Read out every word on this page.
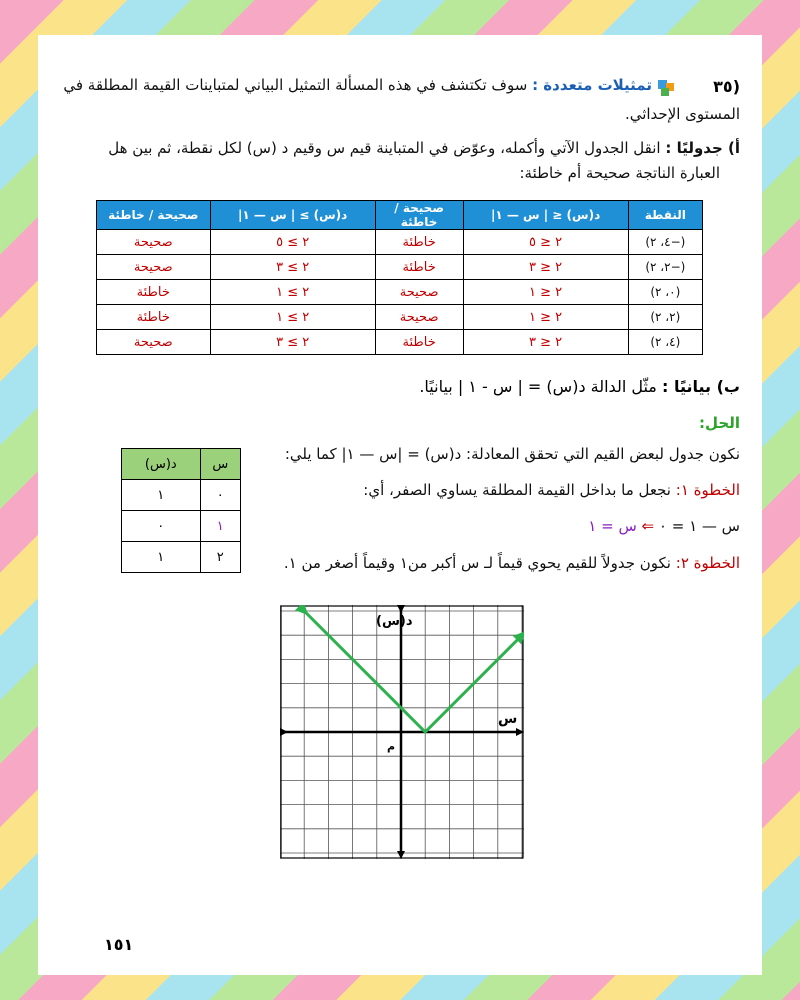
٣٥)
تمثيلات متعددة : سوف تكتشف في هذه المسألة التمثيل البياني لمتباينات القيمة المطلقة في
المستوى الإحداثي.
أ) جدوليًا : انقل الجدول الآتي وأكمله، وعوّض في المتباينة قيم س وقيم د (س) لكل نقطة، ثم بين هل
العبارة الناتجة صحيحة أم خاطئة:
النقطة	د(س) ≤ | س — ١|	صحيحة / خاطئة	د(س) ≥ | س — ١|	صحيحة / خاطئة
(−٤، ٢)	٢ ≤ ٥	خاطئة	٢ ≥ ٥	صحيحة
(−٢، ٢)	٢ ≤ ٣	خاطئة	٢ ≥ ٣	صحيحة
(٠، ٢)	٢ ≤ ١	صحيحة	٢ ≥ ١	خاطئة
(٢، ٢)	٢ ≤ ١	صحيحة	٢ ≥ ١	خاطئة
(٤، ٢)	٢ ≤ ٣	خاطئة	٢ ≥ ٣	صحيحة
ب) بيانيًا : مثّل الدالة د(س) = | س - ١ | بيانيًا.
الحل:
نكون جدول لبعض القيم التي تحقق المعادلة: د(س) = |س — ١| كما يلي:
الخطوة ١: نجعل ما بداخل القيمة المطلقة يساوي الصفر، أي:
س — ١ = ٠ ⇐ س = ١
الخطوة ٢: نكون جدولاً للقيم يحوي قيماً لـ س أكبر من١ وقيماً أصغر من ١.
س	د(س)
٠	١
١	٠
٢	١
د(س)
س
م
١٥١
